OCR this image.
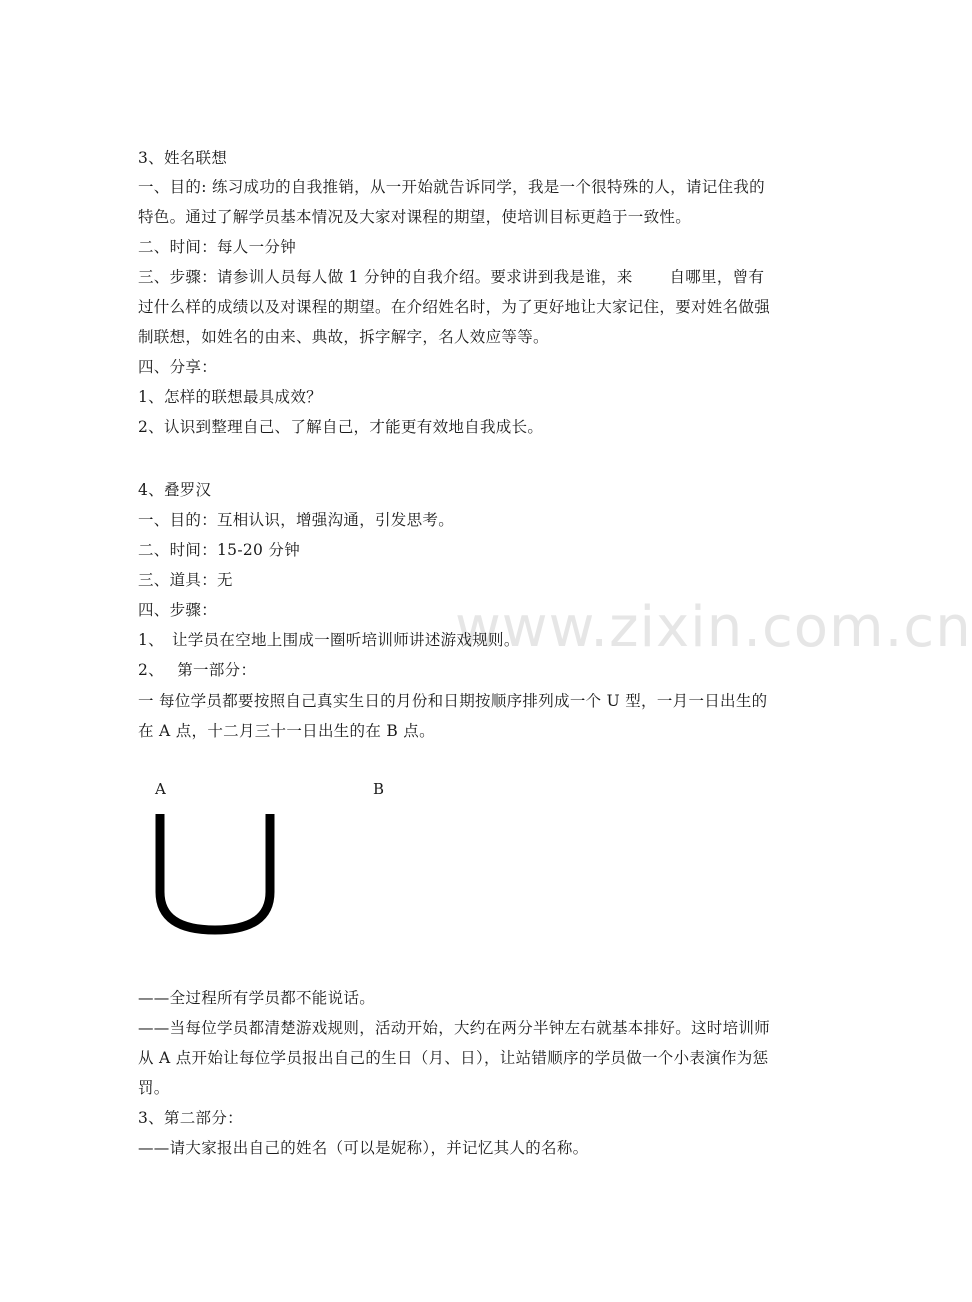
www.zixin.com.cn
3、姓名联想
一、目的: 练习成功的自我推销，从一开始就告诉同学，我是一个很特殊的人，请记住我的
特色。通过了解学员基本情况及大家对课程的期望，使培训目标更趋于一致性。
二、时间：每人一分钟
三、步骤：请参训人员每人做 1 分钟的自我介绍。要求讲到我是谁，来　　 自哪里，曾有
过什么样的成绩以及对课程的期望。在介绍姓名时，为了更好地让大家记住，要对姓名做强
制联想，如姓名的由来、典故，拆字解字，名人效应等等。
四、分享：
1、怎样的联想最具成效？
2、认识到整理自己、了解自己，才能更有效地自我成长。
4、叠罗汉
一、目的：互相认识，增强沟通，引发思考。
二、时间：15-20 分钟
三、道具：无
四、步骤：
1、　让学员在空地上围成一圈听培训师讲述游戏规则。
2、　 第一部分：
一 每位学员都要按照自己真实生日的月份和日期按顺序排列成一个 U 型，一月一日出生的
在 A 点，十二月三十一日出生的在 B 点。
A	B
——全过程所有学员都不能说话。
——当每位学员都清楚游戏规则，活动开始，大约在两分半钟左右就基本排好。这时培训师
从 A 点开始让每位学员报出自己的生日（月、日），让站错顺序的学员做一个小表演作为惩
罚。
3、第二部分：
——请大家报出自己的姓名（可以是妮称），并记忆其人的名称。
